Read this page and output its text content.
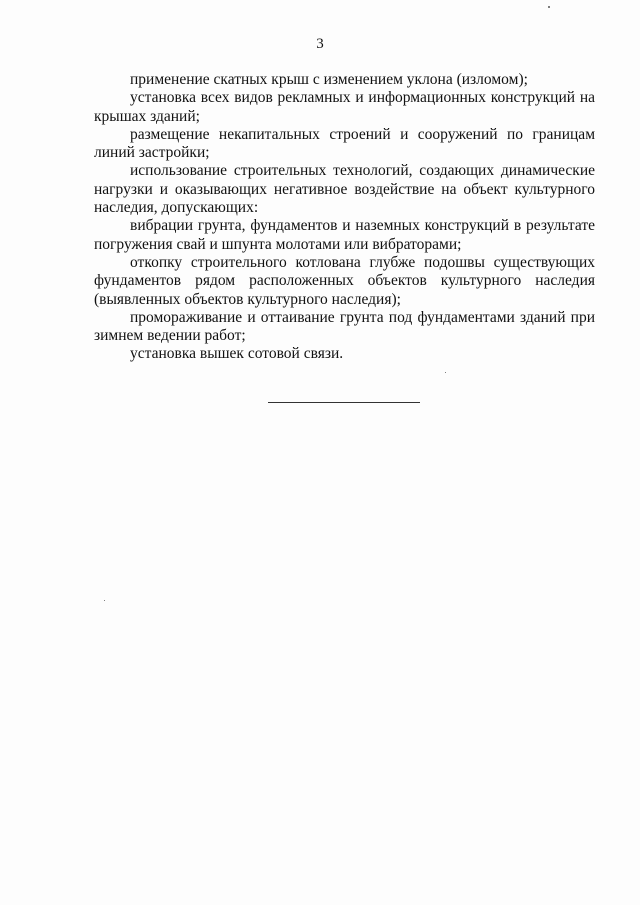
3

применение скатных крыш с изменением уклона (изломом);

установка всех видов рекламных и информационных конструкций на крышах зданий;

размещение некапитальных строений и сооружений по границам линий застройки;

использование строительных технологий, создающих динамические нагрузки и оказывающих негативное воздействие на объект культурного наследия, допускающих:

вибрации грунта, фундаментов и наземных конструкций в результате погружения свай и шпунта молотами или вибраторами;

откопку строительного котлована глубже подошвы существующих фундаментов рядом расположенных объектов культурного наследия (выявленных объектов культурного наследия);

промораживание и оттаивание грунта под фундаментами зданий при зимнем ведении работ;

установка вышек сотовой связи.
